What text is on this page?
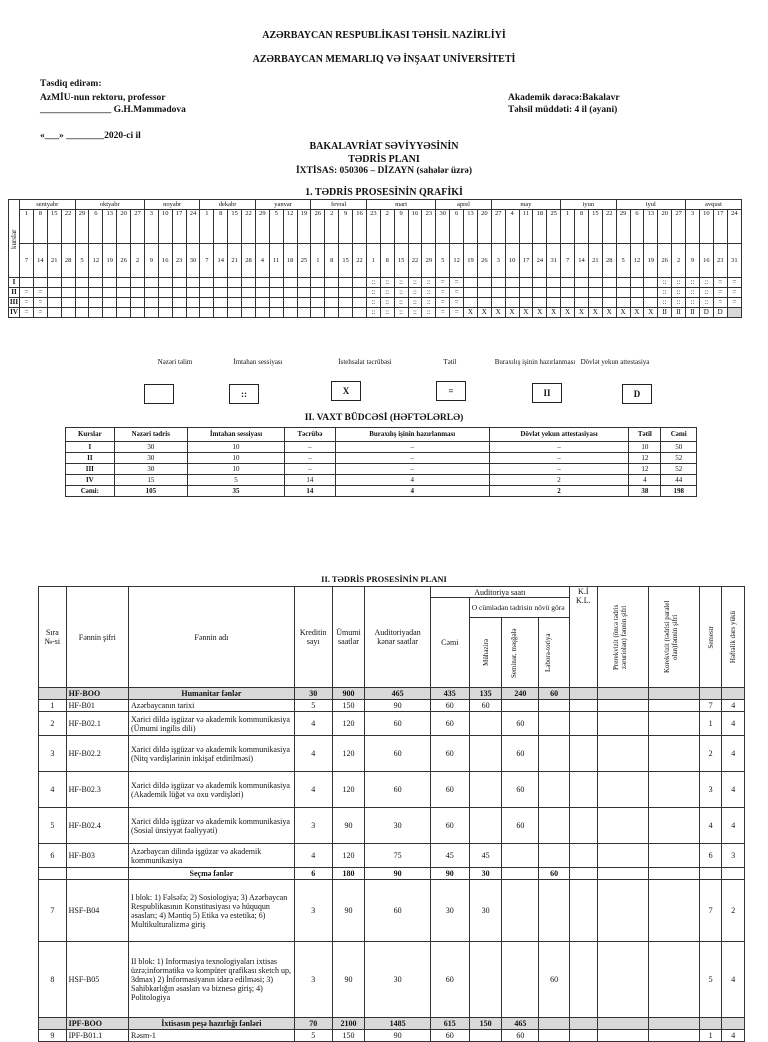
AZƏRBAYCAN RESPUBLİKASI TƏHSİL NAZİRLİYİ
AZƏRBAYCAN MEMARLIQ VƏ İNŞAAT UNİVERSİTETİ
Təsdiq edirəm:
AzMİU-nun rektoru, professor
_______________ G.H.Məmmədova
«___» ________2020-ci il
Akademik dərəcə:Bakalavr
Təhsil müddəti: 4 il (əyani)
BAKALAVRİAT SƏVİYYƏSİNİN
TƏDRİS PLANI
İXTİSAS: 050306 – DİZAYN (sahələr üzrə)
1. TƏDRİS PROSESİNİN QRAFİKİ
kurslar	sentyabr				oktyabr					noyabr				dekabr				yanvar				fevral				mart					aprel				may					iyun				iyul					avqust			
	1	8	15	22	29	6	13	20	27	3	10	17	24	1	8	15	22	29	5	12	19	26	2	9	16	23	2	9	16	23	30	6	13	20	27	4	11	18	25	1	8	15	22	29	6	13	20	27	3	10	17	24
	7	14	21	28	5	12	19	26	2	9	16	23	30	7	14	21	28	4	11	18	25	1	8	15	22	1	8	15	22	29	5	12	19	26	3	10	17	24	31	7	14	21	28	5	12	19	26	2	9	16	23	31
I																										::	::	::	::	::	=	=															::	::	::	::	=	=
II	=	=																								::	::	::	::	::	=	=															::	::	::	::	=	=
III	=	=																								::	::	::	::	::	=	=															::	::	::	::	=	=
IV	=	=																								::	::	::	::	::	=	=	X	X	X	X	X	X	X	X	X	X	X	X	X	X	II	II	II	D	D	
Nəzəri təlim	İmtahan sessiyası	İstehsalat təcrübəsi	Tətil	Buraxılış işinin hazırlanması Dövlət yekun attestasiya
::	X	=	II	D
II. VAXT BÜDCƏSİ (HƏFTƏLƏRLƏ)
Kurslar	Nəzəri tədris	İmtahan sessiyası	Təcrübə	Buraxılış işinin hazırlanması	Dövlət yekun attestasiyası	Tətil	Cəmi
I	30	10	–	–	–	10	50
II	30	10	–	–	–	12	52
III	30	10	–	–	–	12	52
IV	15	5	14	4	2	4	44
Cəmi:	105	35	14	4	2	38	198
II. TƏDRİS PROSESİNİN PLANI
Sıra №-si	Fənnin şifri	Fənnin adı	Kreditin sayı	Ümumi saatlar	Auditoriyadan kənar saatlar	Auditoriya saatı				K.İ K.L.	Prerekvizit (öncə tədris zəruriolan) fənnin şifri	Korekvizit (tədrisi paralel olan)fənnin şifri	Semestr	Həftəlik dərs yükü

						Cəmi	O cümlədən tədrisin növü görə							

							Mühazirə	Seminar, məşğələ	Labora-toriya					

	HF-BOO	Humanitar fənlər	30	900	465	435	135	240	60					
1	HF-B01	Azərbaycanın tarixi	5	150	90	60	60						7	4
2	HF-B02.1	Xarici dildə işgüzar və akademik kommunikasiya (Ümumi ingilis dili)	4	120	60	60		60					1	4
3	HF-B02.2	Xarici dildə işgüzar və akademik kommunikasiya (Nitq vərdişlərinin inkişaf etdirilməsi)	4	120	60	60		60					2	4
4	HF-B02.3	Xarici dildə işgüzar və akademik kommunikasiya (Akademik lüğət və oxu vərdişləri)	4	120	60	60		60					3	4
5	HF-B02.4	Xarici dildə işgüzar və akademik kommunikasiya (Sosial ünsiyyət fəaliyyəti)	3	90	30	60		60					4	4
6	HF-B03	Azərbaycan dilində işgüzar və akademik kommunikasiya	4	120	75	45	45						6	3
		Seçmə fənlər	6	180	90	90	30		60					
7	HSF-B04	I blok: 1) Fəlsəfə; 2) Sosiologiya; 3) Azərbaycan Respublikasının Konstitusiyası və hüququn əsasları; 4) Məntiq 5) Etika və estetika; 6) Multikulturalizmə giriş	3	90	60	30	30						7	2
8	HSF-B05	II blok: 1) Informasiya texnologiyaları ixtisas üzrə;informatika və kompüter qrafikası sketch up, 3dmax) 2) İnformasiyanın idarə edilməsi; 3) Sahibkarlığın əsasları və biznesə giriş; 4) Politologiya	3	90	30	60			60				5	4
	IPF-BOO	İxtisasın peşə hazırlığı fənləri	70	2100	1485	615	150	465						
9	IPF-B01.1	Rəsm-1	5	150	90	60		60					1	4
